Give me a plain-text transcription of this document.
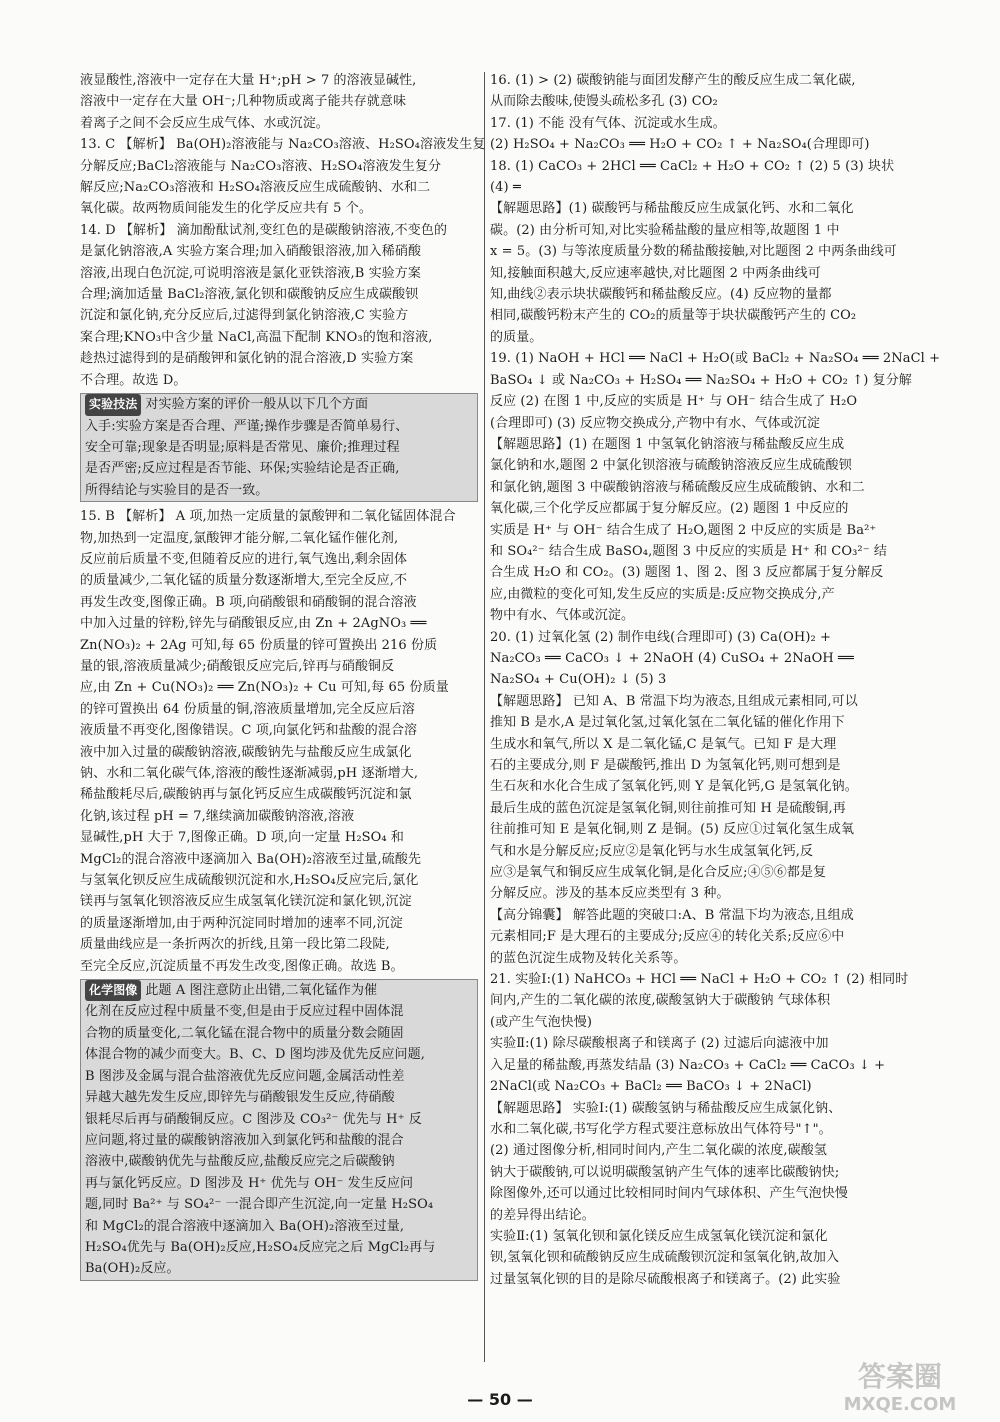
液显酸性,溶液中一定存在大量 H⁺;pH > 7 的溶液显碱性,
溶液中一定存在大量 OH⁻;几种物质或离子能共存就意味
着离子之间不会反应生成气体、水或沉淀。
13. C 【解析】 Ba(OH)₂溶液能与 Na₂CO₃溶液、H₂SO₄溶液发生复
分解反应;BaCl₂溶液能与 Na₂CO₃溶液、H₂SO₄溶液发生复分
解反应;Na₂CO₃溶液和 H₂SO₄溶液反应生成硫酸钠、水和二
氧化碳。故两物质间能发生的化学反应共有 5 个。
14. D 【解析】 滴加酚酞试剂,变红色的是碳酸钠溶液,不变色的
是氯化钠溶液,A 实验方案合理;加入硝酸银溶液,加入稀硝酸
溶液,出现白色沉淀,可说明溶液是氯化亚铁溶液,B 实验方案
合理;滴加适量 BaCl₂溶液,氯化钡和碳酸钠反应生成碳酸钡
沉淀和氯化钠,充分反应后,过滤得到氯化钠溶液,C 实验方
案合理;KNO₃中含少量 NaCl,高温下配制 KNO₃的饱和溶液,
趁热过滤得到的是硝酸钾和氯化钠的混合溶液,D 实验方案
不合理。故选 D。
实验技法 对实验方案的评价一般从以下几个方面
入手:实验方案是否合理、严谨;操作步骤是否简单易行、
安全可靠;现象是否明显;原料是否常见、廉价;推理过程
是否严密;反应过程是否节能、环保;实验结论是否正确,
所得结论与实验目的是否一致。
15. B 【解析】 A 项,加热一定质量的氯酸钾和二氧化锰固体混合
物,加热到一定温度,氯酸钾才能分解,二氧化锰作催化剂,
反应前后质量不变,但随着反应的进行,氧气逸出,剩余固体
的质量减少,二氧化锰的质量分数逐渐增大,至完全反应,不
再发生改变,图像正确。B 项,向硝酸银和硝酸铜的混合溶液
中加入过量的锌粉,锌先与硝酸银反应,由 Zn + 2AgNO₃ ══
Zn(NO₃)₂ + 2Ag 可知,每 65 份质量的锌可置换出 216 份质
量的银,溶液质量减少;硝酸银反应完后,锌再与硝酸铜反
应,由 Zn + Cu(NO₃)₂ ══ Zn(NO₃)₂ + Cu 可知,每 65 份质量
的锌可置换出 64 份质量的铜,溶液质量增加,完全反应后溶
液质量不再变化,图像错误。C 项,向氯化钙和盐酸的混合溶
液中加入过量的碳酸钠溶液,碳酸钠先与盐酸反应生成氯化
钠、水和二氧化碳气体,溶液的酸性逐渐减弱,pH 逐渐增大,
稀盐酸耗尽后,碳酸钠再与氯化钙反应生成碳酸钙沉淀和氯
化钠,该过程 pH = 7,继续滴加碳酸钠溶液,溶液
显碱性,pH 大于 7,图像正确。D 项,向一定量 H₂SO₄ 和
MgCl₂的混合溶液中逐滴加入 Ba(OH)₂溶液至过量,硫酸先
与氢氧化钡反应生成硫酸钡沉淀和水,H₂SO₄反应完后,氯化
镁再与氢氧化钡溶液反应生成氢氧化镁沉淀和氯化钡,沉淀
的质量逐渐增加,由于两种沉淀同时增加的速率不同,沉淀
质量曲线应是一条折两次的折线,且第一段比第二段陡,
至完全反应,沉淀质量不再发生改变,图像正确。故选 B。
化学图像 此题 A 图注意防止出错,二氧化锰作为催
化剂在反应过程中质量不变,但是由于反应过程中固体混
合物的质量变化,二氧化锰在混合物中的质量分数会随固
体混合物的减少而变大。B、C、D 图均涉及优先反应问题,
B 图涉及金属与混合盐溶液优先反应问题,金属活动性差
异越大越先发生反应,即锌先与硝酸银发生反应,待硝酸
银耗尽后再与硝酸铜反应。C 图涉及 CO₃²⁻ 优先与 H⁺ 反
应问题,将过量的碳酸钠溶液加入到氯化钙和盐酸的混合
溶液中,碳酸钠优先与盐酸反应,盐酸反应完之后碳酸钠
再与氯化钙反应。D 图涉及 H⁺ 优先与 OH⁻ 发生反应问
题,同时 Ba²⁺ 与 SO₄²⁻ 一混合即产生沉淀,向一定量 H₂SO₄
和 MgCl₂的混合溶液中逐滴加入 Ba(OH)₂溶液至过量,
H₂SO₄优先与 Ba(OH)₂反应,H₂SO₄反应完之后 MgCl₂再与
Ba(OH)₂反应。
16. (1) > (2) 碳酸钠能与面团发酵产生的酸反应生成二氧化碳,
从而除去酸味,使馒头疏松多孔 (3) CO₂
17. (1) 不能 没有气体、沉淀或水生成。
(2) H₂SO₄ + Na₂CO₃ ══ H₂O + CO₂ ↑ + Na₂SO₄(合理即可)
18. (1) CaCO₃ + 2HCl ══ CaCl₂ + H₂O + CO₂ ↑ (2) 5 (3) 块状
(4) ═
【解题思路】(1) 碳酸钙与稀盐酸反应生成氯化钙、水和二氧化
碳。(2) 由分析可知,对比实验稀盐酸的量应相等,故题图 1 中
x = 5。(3) 与等浓度质量分数的稀盐酸接触,对比题图 2 中两条曲线可
知,接触面积越大,反应速率越快,对比题图 2 中两条曲线可
知,曲线②表示块状碳酸钙和稀盐酸反应。(4) 反应物的量都
相同,碳酸钙粉末产生的 CO₂的质量等于块状碳酸钙产生的 CO₂
的质量。
19. (1) NaOH + HCl ══ NaCl + H₂O(或 BaCl₂ + Na₂SO₄ ══ 2NaCl +
BaSO₄ ↓ 或 Na₂CO₃ + H₂SO₄ ══ Na₂SO₄ + H₂O + CO₂ ↑) 复分解
反应 (2) 在图 1 中,反应的实质是 H⁺ 与 OH⁻ 结合生成了 H₂O
(合理即可) (3) 反应物交换成分,产物中有水、气体或沉淀
【解题思路】(1) 在题图 1 中氢氧化钠溶液与稀盐酸反应生成
氯化钠和水,题图 2 中氯化钡溶液与硫酸钠溶液反应生成硫酸钡
和氯化钠,题图 3 中碳酸钠溶液与稀硫酸反应生成硫酸钠、水和二
氧化碳,三个化学反应都属于复分解反应。(2) 题图 1 中反应的
实质是 H⁺ 与 OH⁻ 结合生成了 H₂O,题图 2 中反应的实质是 Ba²⁺
和 SO₄²⁻ 结合生成 BaSO₄,题图 3 中反应的实质是 H⁺ 和 CO₃²⁻ 结
合生成 H₂O 和 CO₂。(3) 题图 1、图 2、图 3 反应都属于复分解反
应,由微粒的变化可知,发生反应的实质是:反应物交换成分,产
物中有水、气体或沉淀。
20. (1) 过氧化氢 (2) 制作电线(合理即可) (3) Ca(OH)₂ +
Na₂CO₃ ══ CaCO₃ ↓ + 2NaOH (4) CuSO₄ + 2NaOH ══
Na₂SO₄ + Cu(OH)₂ ↓ (5) 3
【解题思路】 已知 A、B 常温下均为液态,且组成元素相同,可以
推知 B 是水,A 是过氧化氢,过氧化氢在二氧化锰的催化作用下
生成水和氧气,所以 X 是二氧化锰,C 是氧气。已知 F 是大理
石的主要成分,则 F 是碳酸钙,推出 D 为氢氧化钙,则可想到是
生石灰和水化合生成了氢氧化钙,则 Y 是氧化钙,G 是氢氧化钠。
最后生成的蓝色沉淀是氢氧化铜,则往前推可知 H 是硫酸铜,再
往前推可知 E 是氧化铜,则 Z 是铜。(5) 反应①过氧化氢生成氧
气和水是分解反应;反应②是氧化钙与水生成氢氧化钙,反
应③是氧气和铜反应生成氧化铜,是化合反应;④⑤⑥都是复
分解反应。涉及的基本反应类型有 3 种。
【高分锦囊】 解答此题的突破口:A、B 常温下均为液态,且组成
元素相同;F 是大理石的主要成分;反应④的转化关系;反应⑥中
的蓝色沉淀生成物及转化关系等。
21. 实验Ⅰ:(1) NaHCO₃ + HCl ══ NaCl + H₂O + CO₂ ↑ (2) 相同时
间内,产生的二氧化碳的浓度,碳酸氢钠大于碳酸钠 气球体积
(或产生气泡快慢)
实验Ⅱ:(1) 除尽碳酸根离子和镁离子 (2) 过滤后向滤液中加
入足量的稀盐酸,再蒸发结晶 (3) Na₂CO₃ + CaCl₂ ══ CaCO₃ ↓ +
2NaCl(或 Na₂CO₃ + BaCl₂ ══ BaCO₃ ↓ + 2NaCl)
【解题思路】 实验Ⅰ:(1) 碳酸氢钠与稀盐酸反应生成氯化钠、
水和二氧化碳,书写化学方程式要注意标放出气体符号"↑"。
(2) 通过图像分析,相同时间内,产生二氧化碳的浓度,碳酸氢
钠大于碳酸钠,可以说明碳酸氢钠产生气体的速率比碳酸钠快;
除图像外,还可以通过比较相同时间内气球体积、产生气泡快慢
的差异得出结论。
实验Ⅱ:(1) 氢氧化钡和氯化镁反应生成氢氧化镁沉淀和氯化
钡,氢氧化钡和硫酸钠反应生成硫酸钡沉淀和氢氧化钠,故加入
过量氢氧化钡的目的是除尽硫酸根离子和镁离子。(2) 此实验
答案圈
MXQE.COM
— 50 —
